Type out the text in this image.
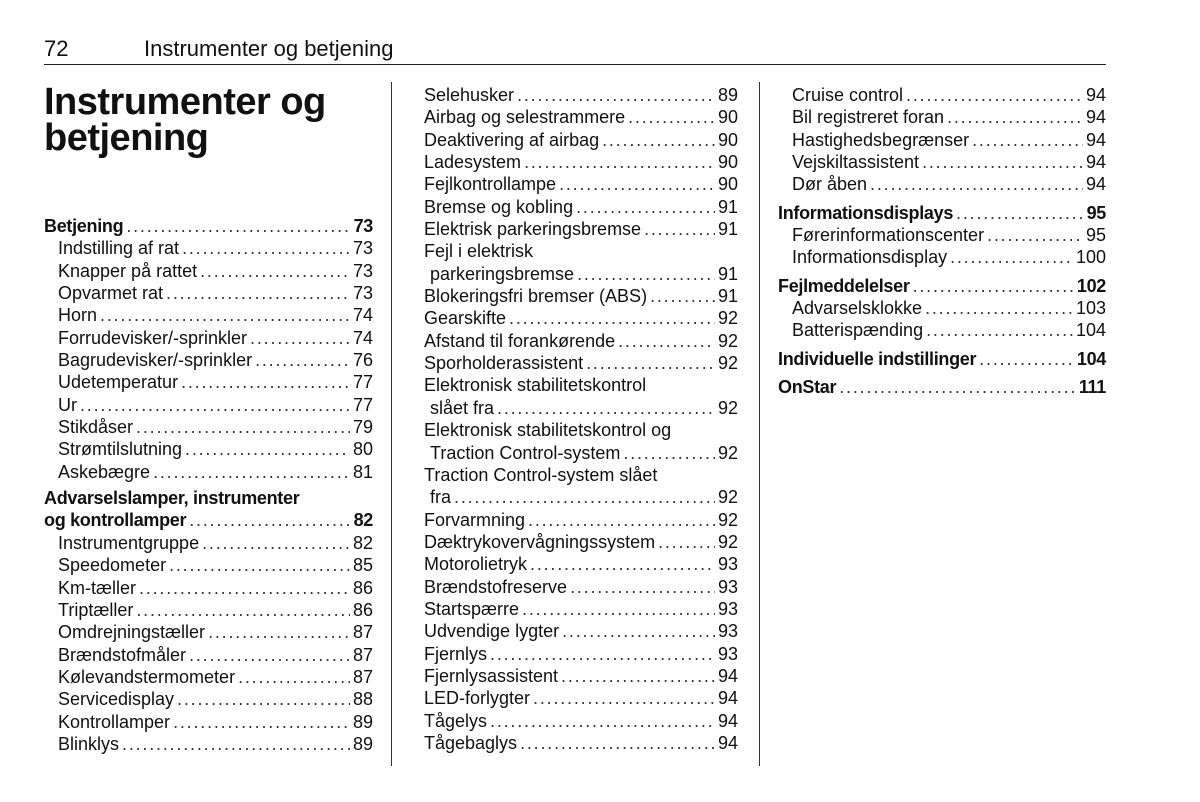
72	Instrumenter og betjening
Instrumenter og
betjening
Betjening . . .	73
Indstilling af rat . . .	73
Knapper på rattet . . .	73
Opvarmet rat . . .	73
Horn . . .	74
Forrudevisker/-sprinkler . . .	74
Bagrudevisker/-sprinkler . . .	76
Udetemperatur . . .	77
Ur . . .	77
Stikdåser . . .	79
Strømtilslutning . . .	80
Askebægre . . .	81
Advarselslamper, instrumenter
og kontrollamper . . .	82
Instrumentgruppe . . .	82
Speedometer . . .	85
Km-tæller . . .	86
Triptæller . . .	86
Omdrejningstæller . . .	87
Brændstofmåler . . .	87
Kølevandstermometer . . .	87
Servicedisplay . . .	88
Kontrollamper . . .	89
Blinklys . . .	89
Selehusker . . .	89
Airbag og selestrammere . . .	90
Deaktivering af airbag . . .	90
Ladesystem . . .	90
Fejlkontrollampe . . .	90
Bremse og kobling . . .	91
Elektrisk parkeringsbremse . . .	91
Fejl i elektrisk
parkeringsbremse . . .	91
Blokeringsfri bremser (ABS) . . .	91
Gearskifte . . .	92
Afstand til forankørende . . .	92
Sporholderassistent . . .	92
Elektronisk stabilitetskontrol
slået fra . . .	92
Elektronisk stabilitetskontrol og
Traction Control-system . . .	92
Traction Control-system slået
fra . . .	92
Forvarmning . . .	92
Dæktrykovervågningssystem . . .	92
Motorolietryk . . .	93
Brændstofreserve . . .	93
Startspærre . . .	93
Udvendige lygter . . .	93
Fjernlys . . .	93
Fjernlysassistent . . .	94
LED-forlygter . . .	94
Tågelys . . .	94
Tågebaglys . . .	94
Cruise control . . .	94
Bil registreret foran . . .	94
Hastighedsbegrænser . . .	94
Vejskiltassistent . . .	94
Dør åben . . .	94
Informationsdisplays . . .	95
Førerinformationscenter . . .	95
Informationsdisplay . . .	100
Fejlmeddelelser . . .	102
Advarselsklokke . . .	103
Batterispænding . . .	104
Individuelle indstillinger . . .	104
OnStar . . .	111
